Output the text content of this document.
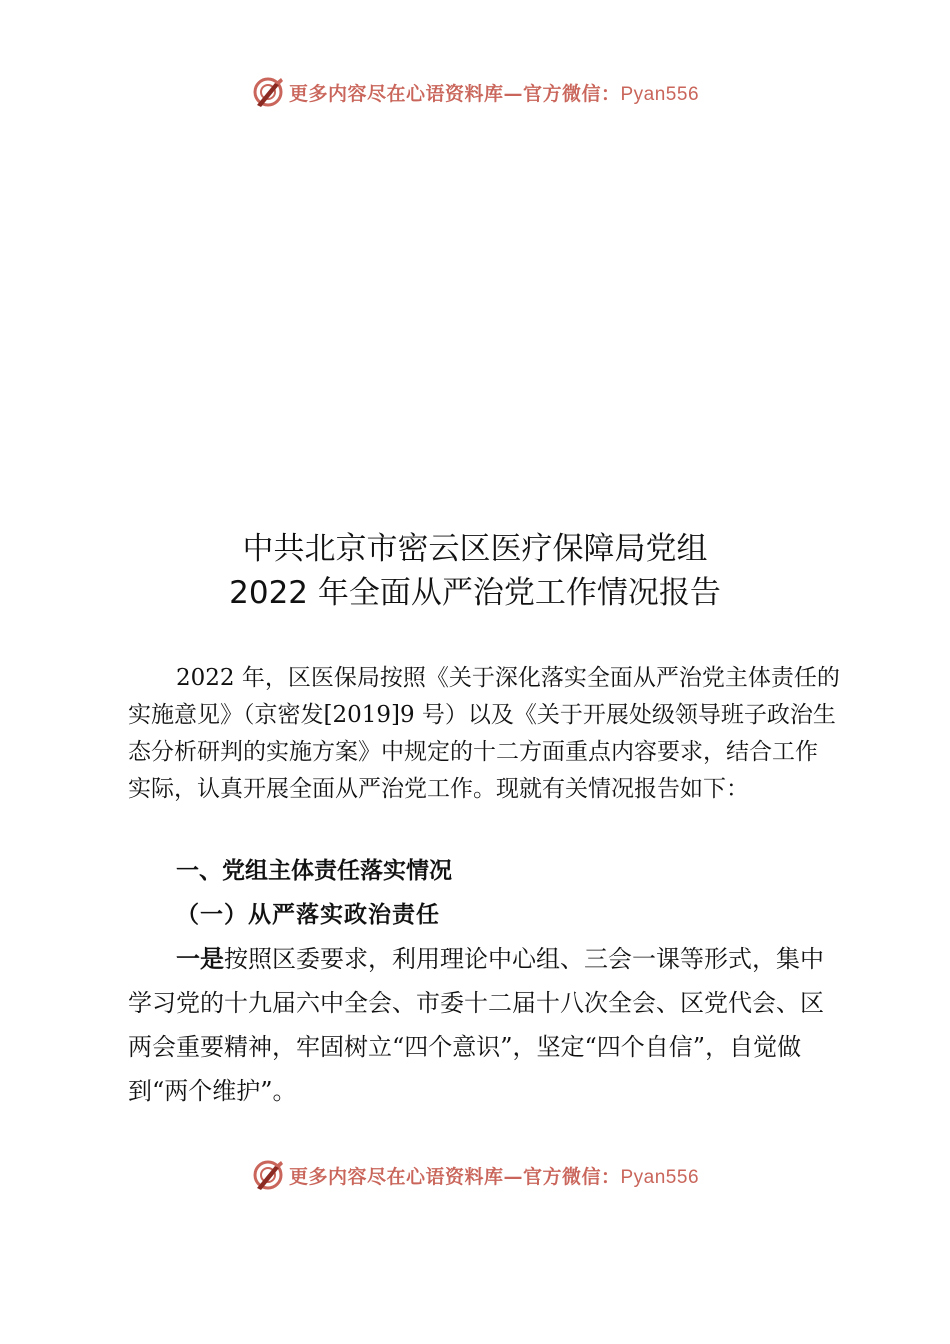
更多内容尽在心语资料库—官方微信：Pyan556
中共北京市密云区医疗保障局党组
2022 年全面从严治党工作情况报告

2022 年，区医保局按照《关于深化落实全面从严治党主体责任的实施意见》（京密发[2019]9 号）以及《关于开展处级领导班子政治生态分析研判的实施方案》中规定的十二方面重点内容要求，结合工作实际，认真开展全面从严治党工作。现就有关情况报告如下：

一、党组主体责任落实情况
（一）从严落实政治责任

一是按照区委要求，利用理论中心组、三会一课等形式，集中学习党的十九届六中全会、市委十二届十八次全会、区党代会、区两会重要精神，牢固树立“四个意识”，坚定“四个自信”，自觉做到“两个维护”。

更多内容尽在心语资料库—官方微信：Pyan556
